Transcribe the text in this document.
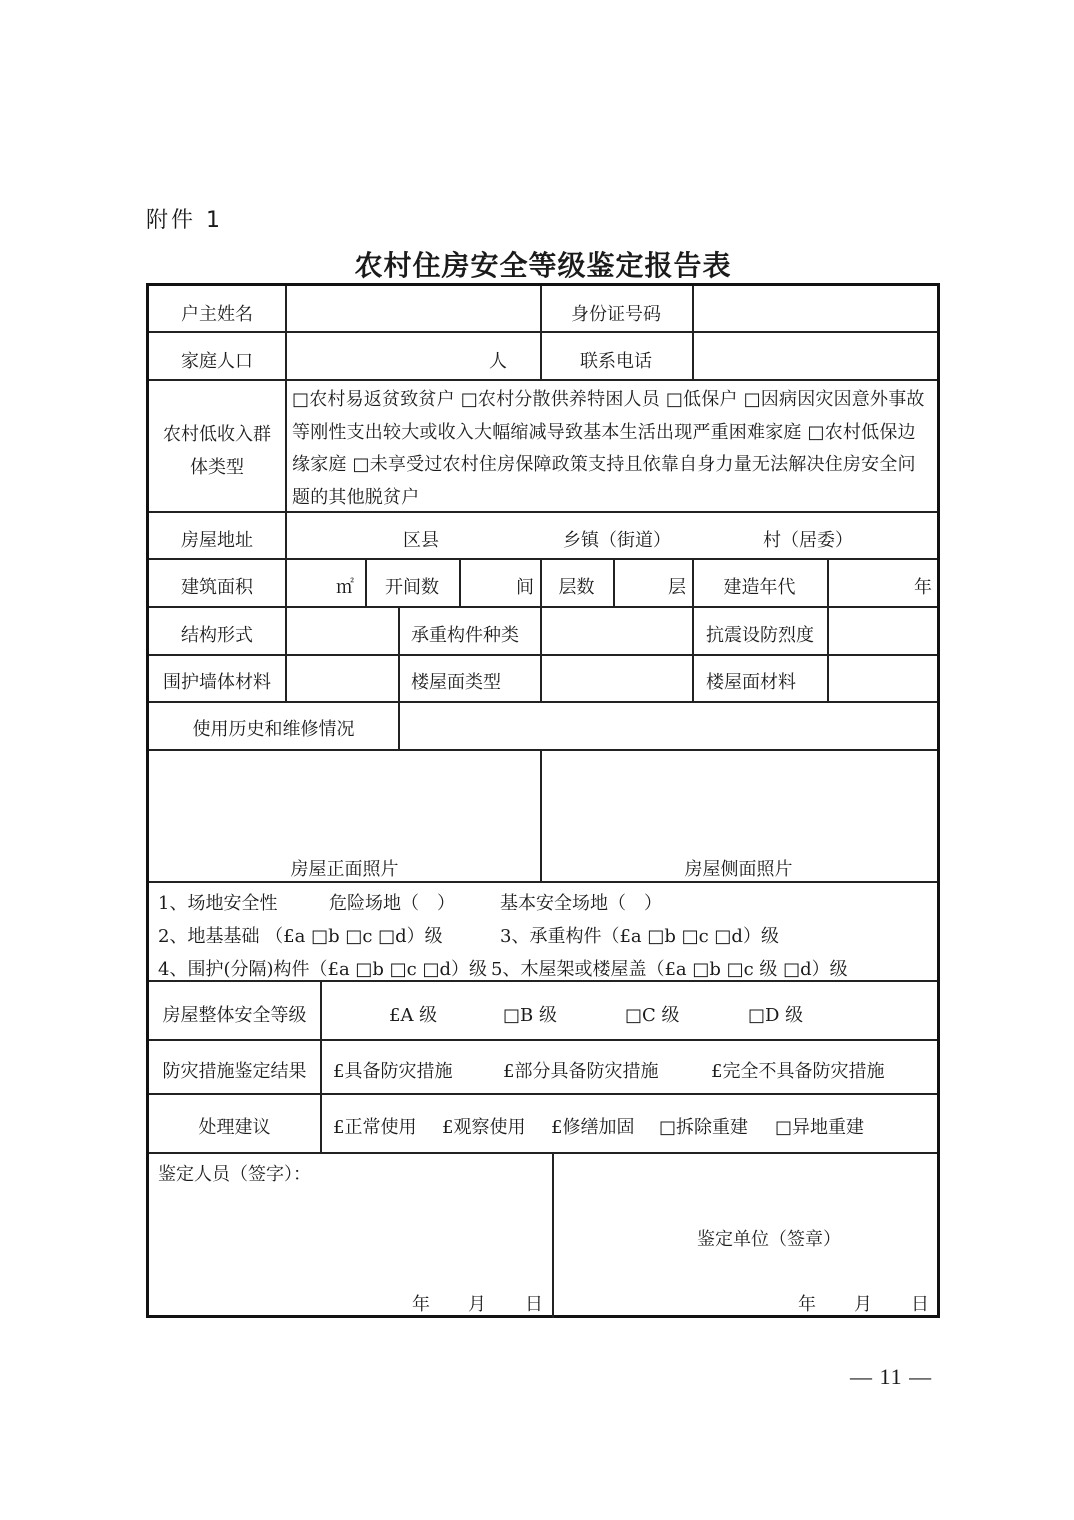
附件 1
农村住房安全等级鉴定报告表
户主姓名	身份证号码
家庭人口	人	联系电话
农村低收入群
体类型
□农村易返贫致贫户 □农村分散供养特困人员 □低保户 □因病因灾因意外事故等刚性支出较大或收入大幅缩减导致基本生活出现严重困难家庭 □农村低保边缘家庭 □未享受过农村住房保障政策支持且依靠自身力量无法解决住房安全问题的其他脱贫户
房屋地址	区县	乡镇（街道）	村（居委）
建筑面积	㎡	开间数	间	层数	层	建造年代	年
结构形式	承重构件种类	抗震设防烈度
围护墙体材料	楼屋面类型	楼屋面材料
使用历史和维修情况
房屋正面照片	房屋侧面照片
1、场地安全性	危险场地（　）	基本安全场地（　）
2、地基基础 （£a □b □c □d）级	3、承重构件（£a □b □c □d）级
4、围护(分隔)构件（£a □b □c □d）级 5、木屋架或楼屋盖（£a □b □c 级 □d）级
房屋整体安全等级	£A 级	□B 级	□C 级	□D 级
防灾措施鉴定结果	£具备防灾措施	£部分具备防灾措施	£完全不具备防灾措施
处理建议	£正常使用 £观察使用 £修缮加固 □拆除重建 □异地重建
鉴定人员（签字）：
鉴定单位（签章）
年 月 日	年 月 日
— 11 —
